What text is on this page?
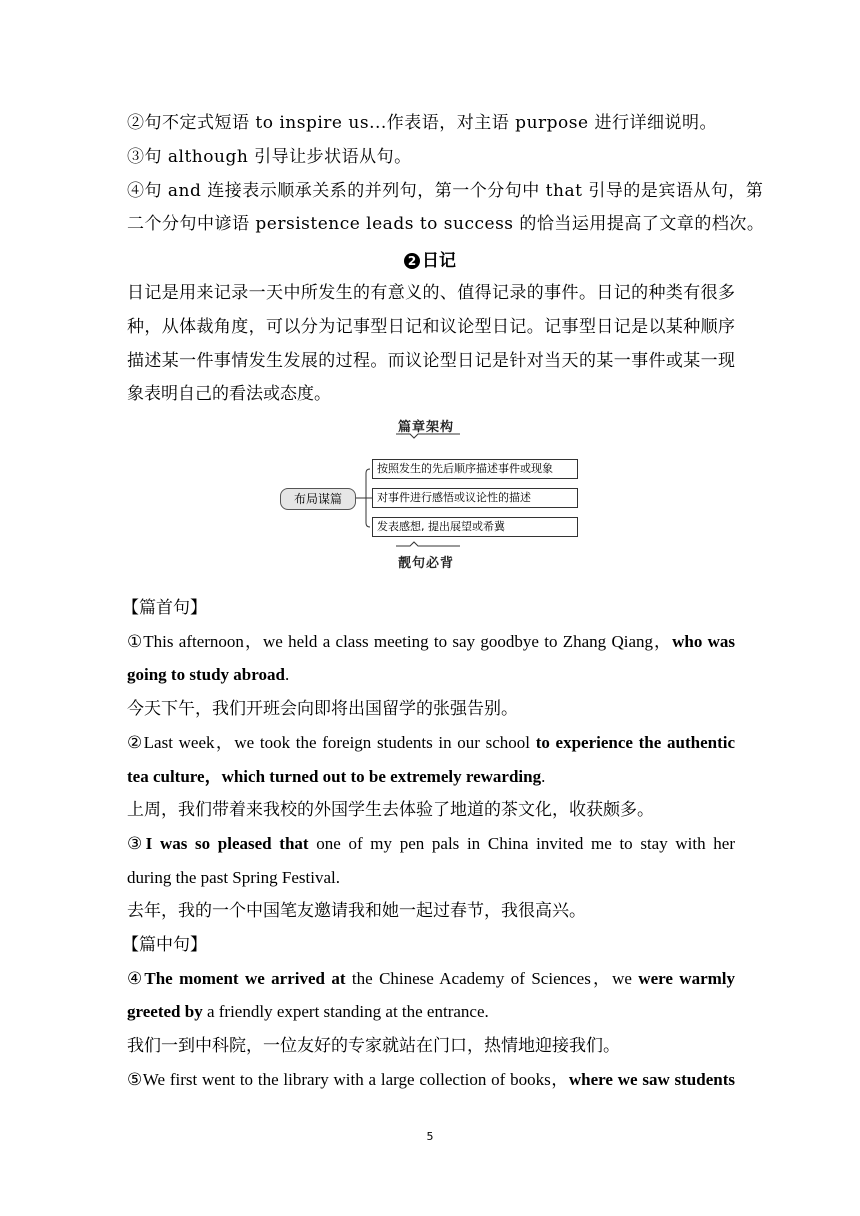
②句不定式短语 to inspire us...作表语，对主语 purpose 进行详细说明。
③句 although 引导让步状语从句。
④句 and 连接表示顺承关系的并列句，第一个分句中 that 引导的是宾语从句，第
二个分句中谚语 persistence leads to success 的恰当运用提高了文章的档次。
2 日记
日记是用来记录一天中所发生的有意义的、值得记录的事件。日记的种类有很多
种，从体裁角度，可以分为记事型日记和议论型日记。记事型日记是以某种顺序
描述某一件事情发生发展的过程。而议论型日记是针对当天的某一事件或某一现
象表明自己的看法或态度。
篇章架构
布局谋篇
按照发生的先后顺序描述事件或现象
对事件进行感悟或议论性的描述
发表感想, 提出展望或希冀
靓句必背
【篇首句】
①This afternoon，we held a class meeting to say goodbye to Zhang Qiang，who was
going to study abroad.
今天下午，我们开班会向即将出国留学的张强告别。
②Last week，we took the foreign students in our school to experience the authentic
tea culture，which turned out to be extremely rewarding.
上周，我们带着来我校的外国学生去体验了地道的茶文化，收获颇多。
③I was so pleased that one of my pen pals in China invited me to stay with her
during the past Spring Festival.
去年，我的一个中国笔友邀请我和她一起过春节，我很高兴。
【篇中句】
④The moment we arrived at the Chinese Academy of Sciences，we were warmly
greeted by a friendly expert standing at the entrance.
我们一到中科院，一位友好的专家就站在门口，热情地迎接我们。
⑤We first went to the library with a large collection of books，where we saw students
5
